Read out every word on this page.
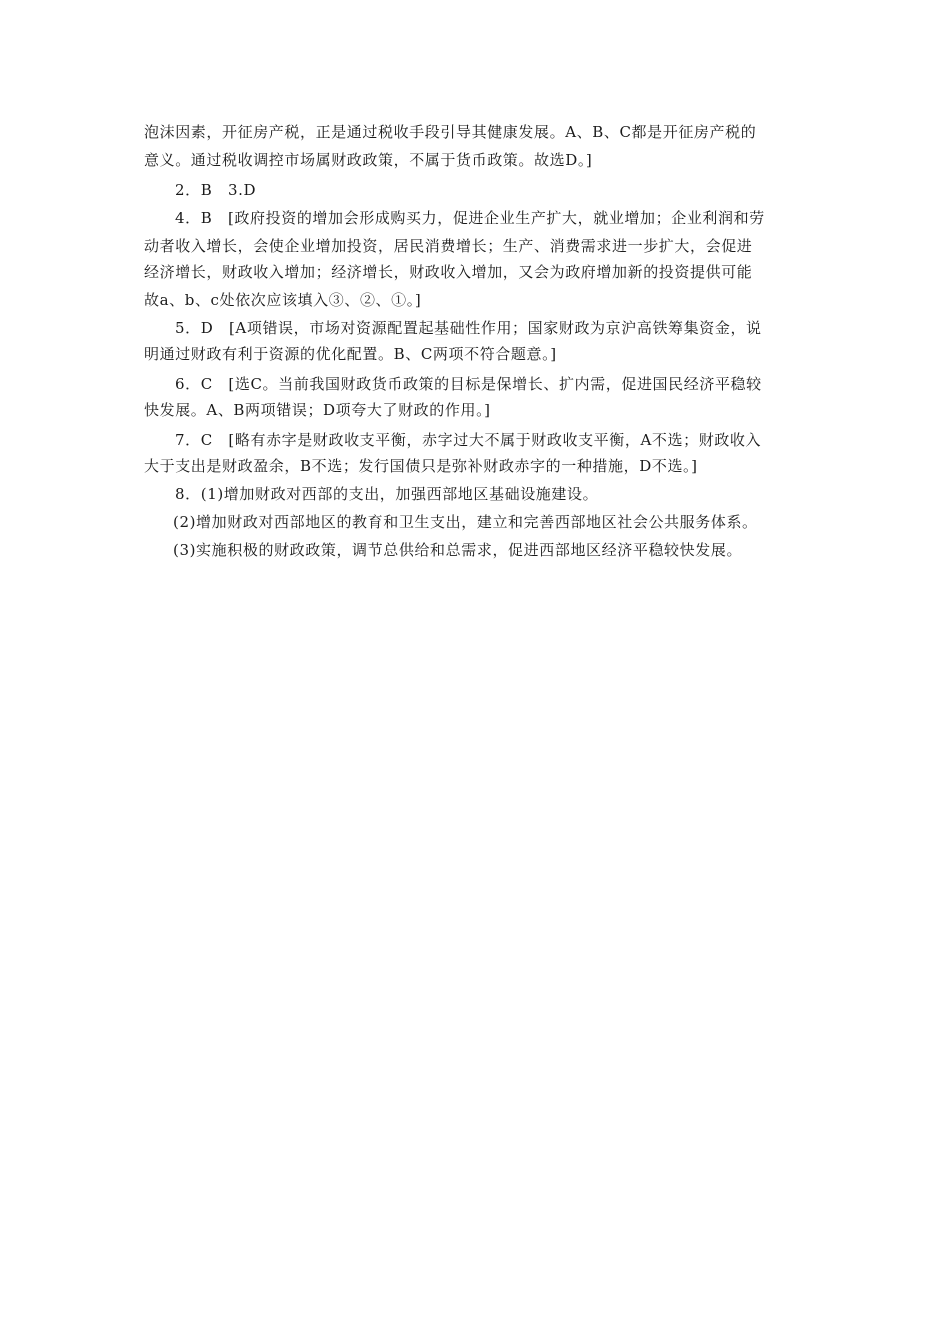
泡沫因素，开征房产税，正是通过税收手段引导其健康发展。A、B、C都是开征房产税的
意义。通过税收调控市场属财政政策，不属于货币政策。故选D。]
2．B　3.D
4．B　[政府投资的增加会形成购买力，促进企业生产扩大，就业增加；企业利润和劳
动者收入增长，会使企业增加投资，居民消费增长；生产、消费需求进一步扩大，会促进
经济增长，财政收入增加；经济增长，财政收入增加，又会为政府增加新的投资提供可能
故a、b、c处依次应该填入③、②、①。]
5．D　[A项错误，市场对资源配置起基础性作用；国家财政为京沪高铁筹集资金，说
明通过财政有利于资源的优化配置。B、C两项不符合题意。]
6．C　[选C。当前我国财政货币政策的目标是保增长、扩内需，促进国民经济平稳较
快发展。A、B两项错误；D项夸大了财政的作用。]
7．C　[略有赤字是财政收支平衡，赤字过大不属于财政收支平衡，A不选；财政收入
大于支出是财政盈余，B不选；发行国债只是弥补财政赤字的一种措施，D不选。]
8．(1)增加财政对西部的支出，加强西部地区基础设施建设。
(2)增加财政对西部地区的教育和卫生支出，建立和完善西部地区社会公共服务体系。
(3)实施积极的财政政策，调节总供给和总需求，促进西部地区经济平稳较快发展。
